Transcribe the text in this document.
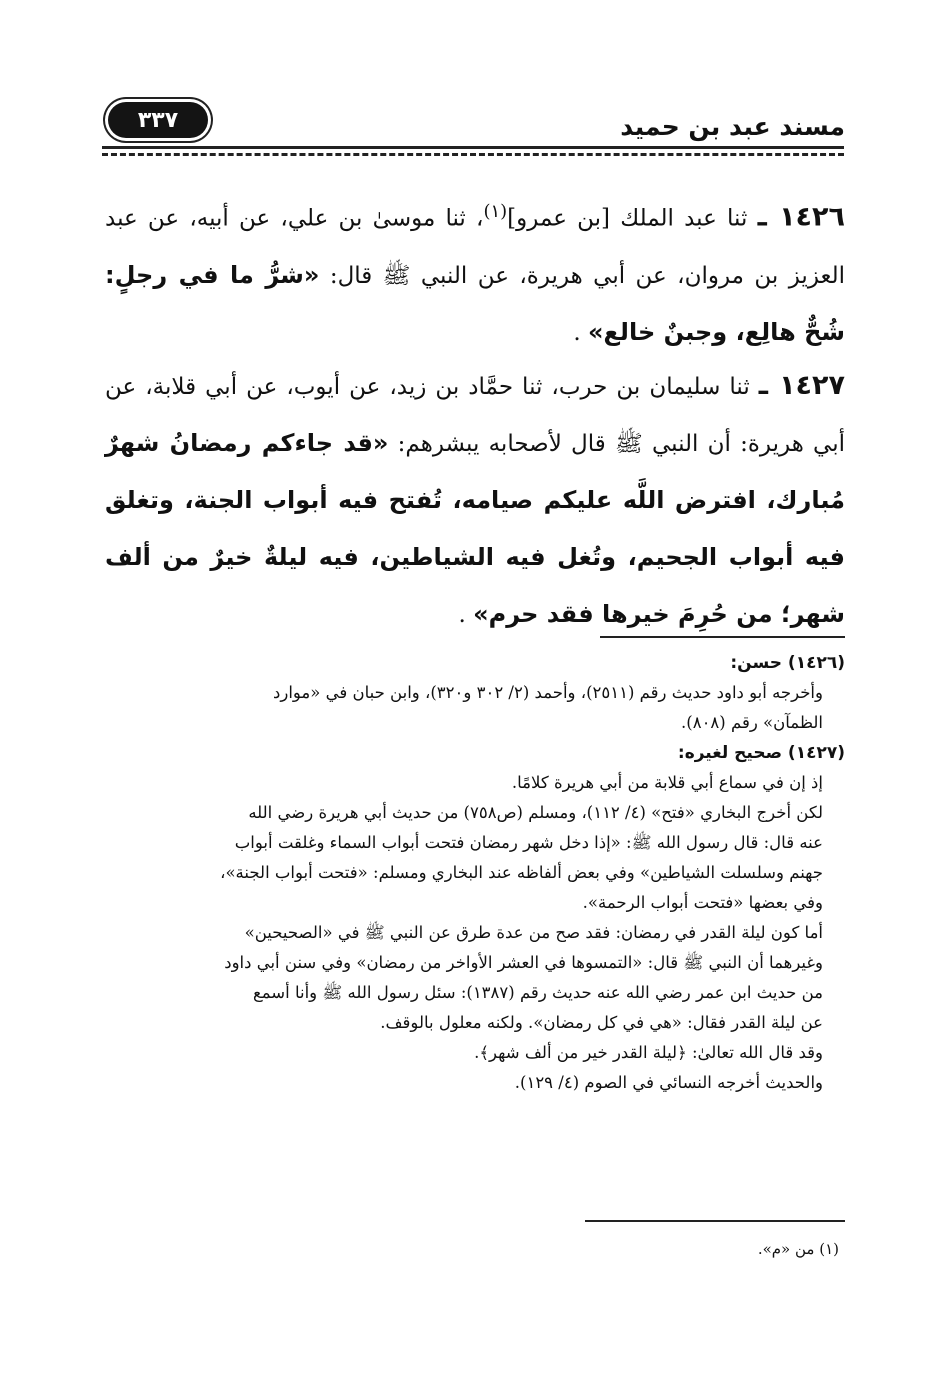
مسند عبد بن حميد
٣٣٧
١٤٢٦ ـ ثنا عبد الملك [بن عمرو]$^{(١)}$، ثنا موسىٰ بن علي، عن أبيه، عن عبد العزيز بن مروان، عن أبي هريرة، عن النبي ﷺ قال: «شرُّ ما في رجلٍ: شُحٌّ هالِع، وجبنٌ خالع» .
١٤٢٧ ـ ثنا سليمان بن حرب، ثنا حمَّاد بن زيد، عن أيوب، عن أبي قلابة، عن أبي هريرة: أن النبي ﷺ قال لأصحابه يبشرهم: «قد جاءكم رمضانُ شهرٌ مُبارك، افترض اللَّه عليكم صيامه، تُفتح فيه أبواب الجنة، وتغلق فيه أبواب الجحيم، وتُغل فيه الشياطين، فيه ليلةٌ خيرٌ من ألف شهر؛ من حُرِمَ خيرها فقد حرم» .
(١٤٢٦) حسن:
وأخرجه أبو داود حديث رقم (٢٥١١)، وأحمد (٢/ ٣٠٢ و٣٢٠)، وابن حبان في «موارد
الظمآن» رقم (٨٠٨).
(١٤٢٧) صحيح لغيره:
إذ إن في سماع أبي قلابة من أبي هريرة كلامًا.
لكن أخرج البخاري «فتح» (٤/ ١١٢)، ومسلم (ص٧٥٨) من حديث أبي هريرة رضي الله
عنه قال: قال رسول الله ﷺ: «إذا دخل شهر رمضان فتحت أبواب السماء وغلقت أبواب
جهنم وسلسلت الشياطين» وفي بعض ألفاظه عند البخاري ومسلم: «فتحت أبواب الجنة»،
وفي بعضها «فتحت أبواب الرحمة».
أما كون ليلة القدر في رمضان: فقد صح من عدة طرق عن النبي ﷺ في «الصحيحين»
وغيرهما أن النبي ﷺ قال: «التمسوها في العشر الأواخر من رمضان» وفي سنن أبي داود
من حديث ابن عمر رضي الله عنه حديث رقم (١٣٨٧): سئل رسول الله ﷺ وأنا أسمع
عن ليلة القدر فقال: «هي في كل رمضان». ولكنه معلول بالوقف.
وقد قال الله تعالىٰ: ﴿ليلة القدر خير من ألف شهر﴾.
والحديث أخرجه النسائي في الصوم (٤/ ١٢٩).
(١) من «م».
